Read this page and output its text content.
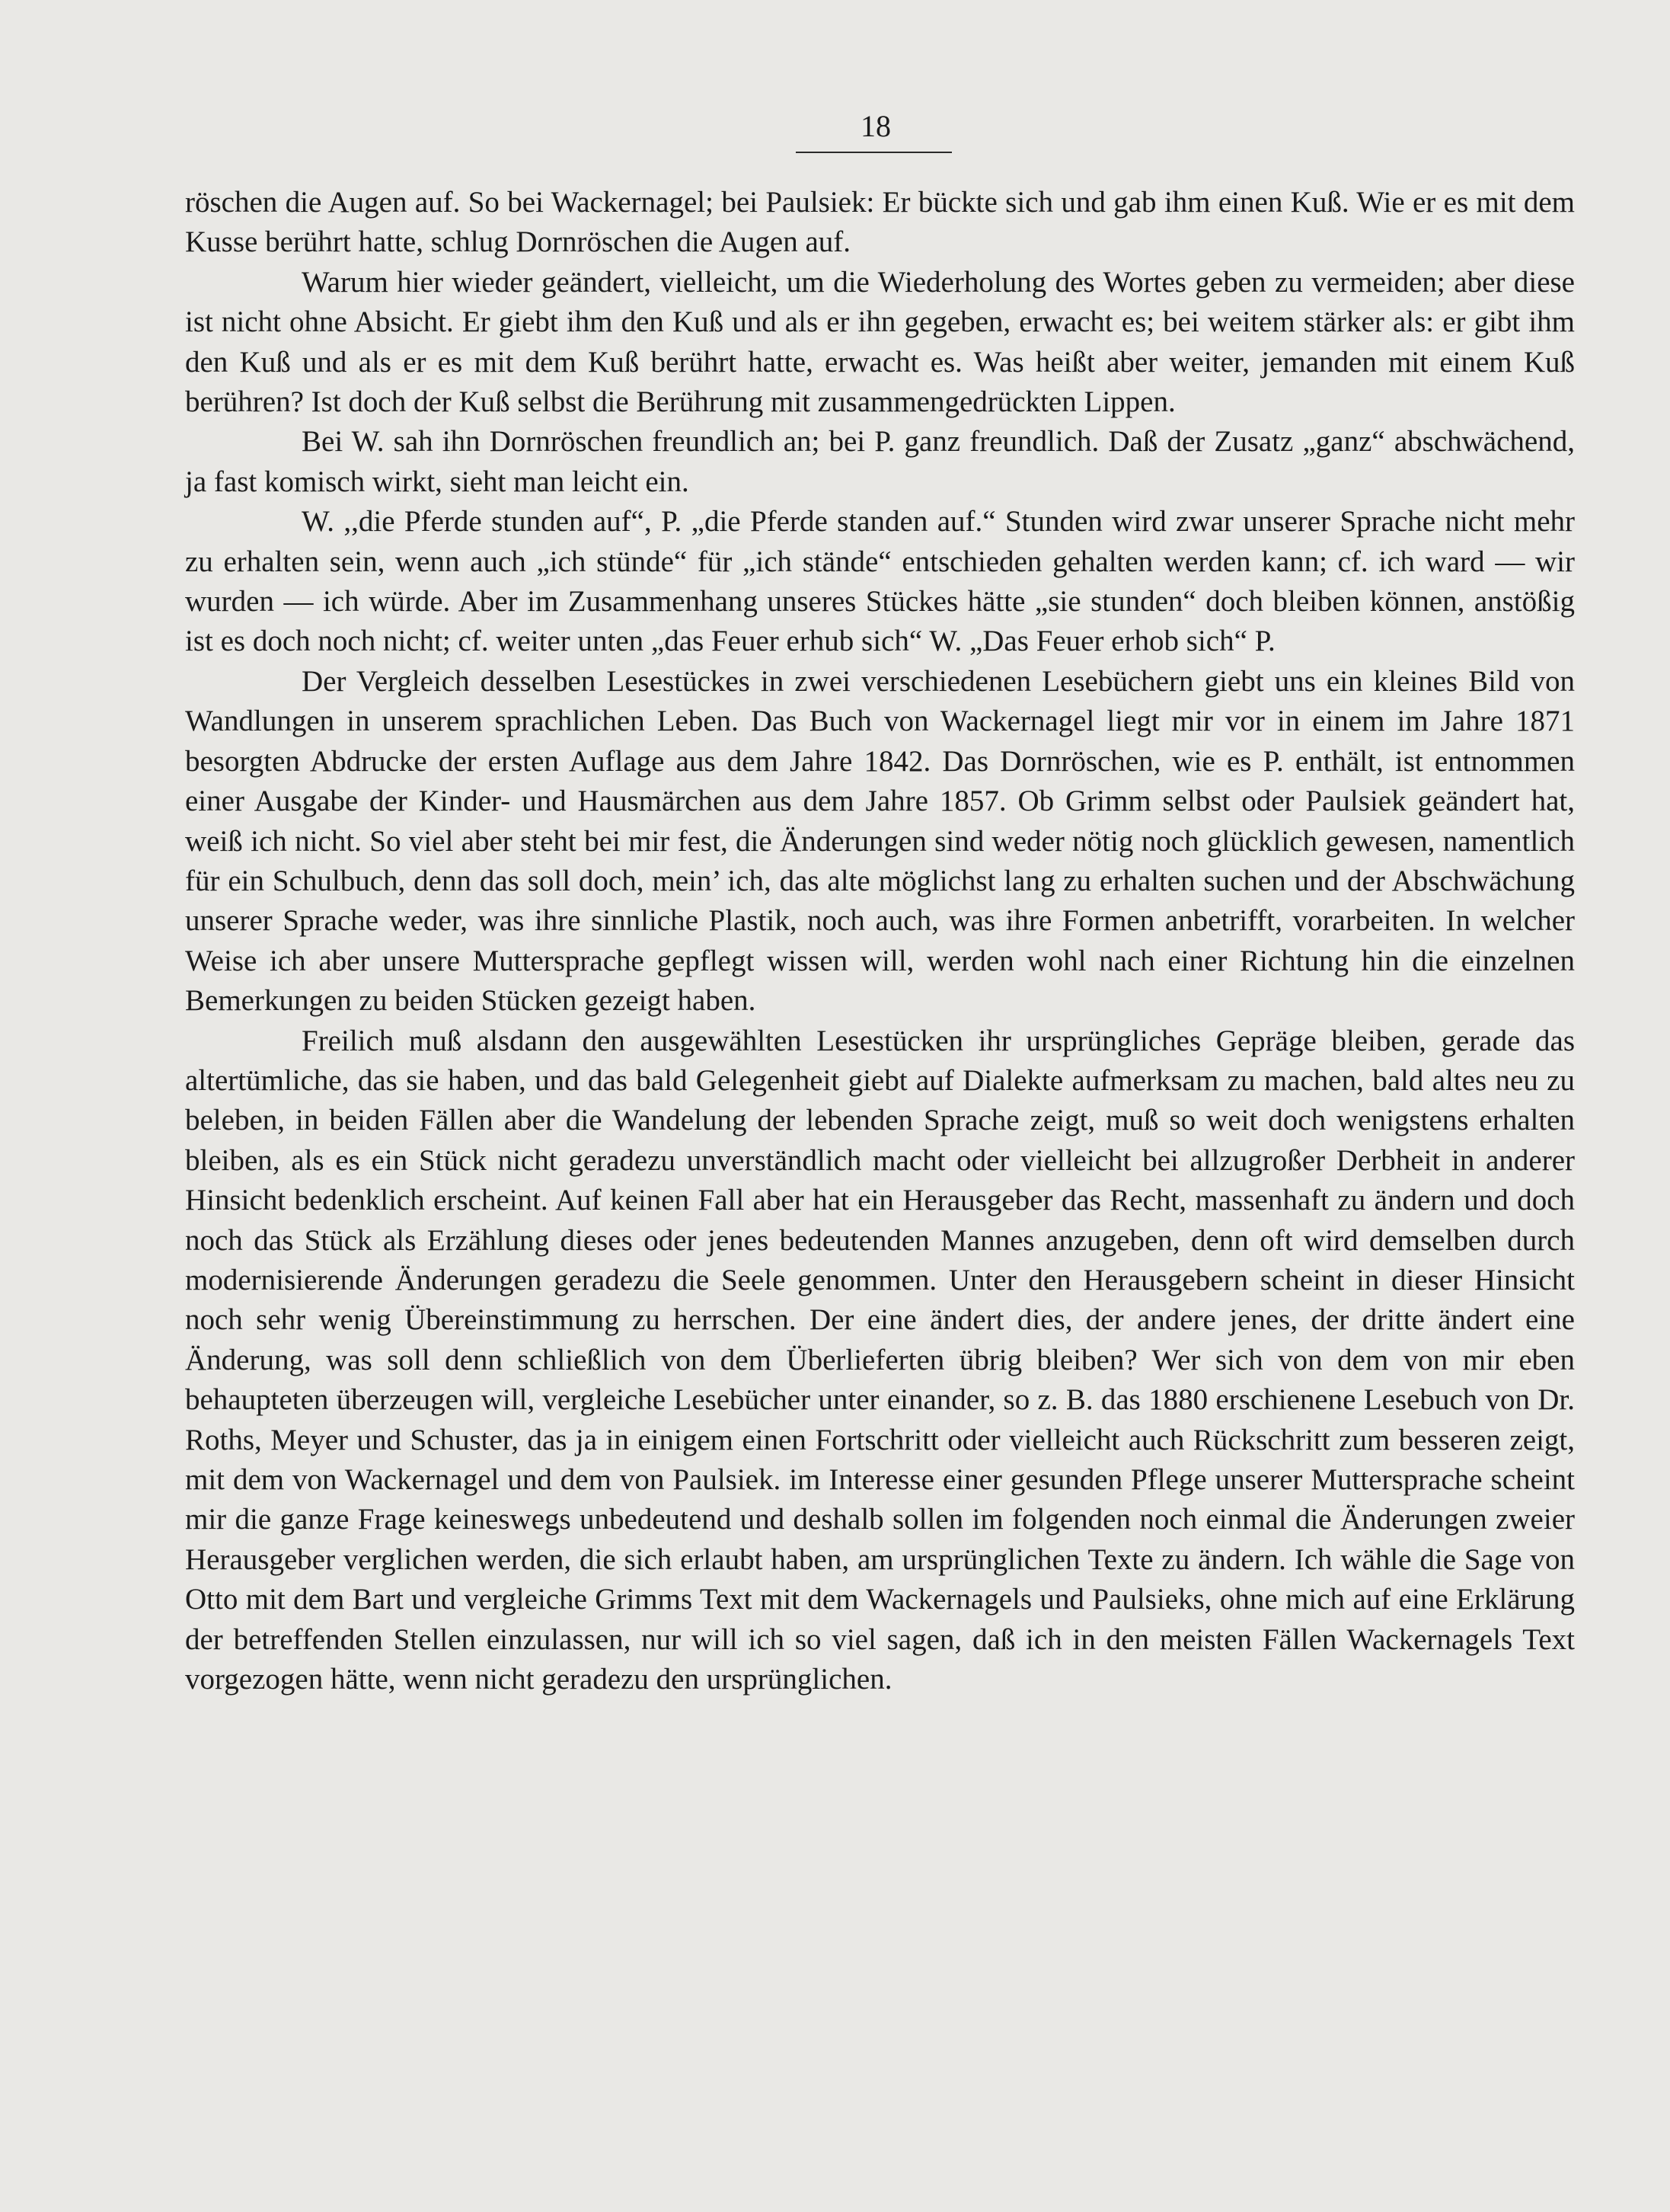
18

röschen die Augen auf. So bei Wackernagel; bei Paulsiek: Er bückte sich und gab ihm einen Kuß. Wie er es mit dem Kusse berührt hatte, schlug Dornröschen die Augen auf.

Warum hier wieder geändert, vielleicht, um die Wiederholung des Wortes geben zu vermeiden; aber diese ist nicht ohne Absicht. Er giebt ihm den Kuß und als er ihn gegeben, erwacht es; bei weitem stärker als: er gibt ihm den Kuß und als er es mit dem Kuß berührt hatte, erwacht es. Was heißt aber weiter, jemanden mit einem Kuß berühren? Ist doch der Kuß selbst die Berührung mit zusammengedrückten Lippen.

Bei W. sah ihn Dornröschen freundlich an; bei P. ganz freundlich. Daß der Zusatz „ganz“ abschwächend, ja fast komisch wirkt, sieht man leicht ein.

W. ,,die Pferde stunden auf“, P. „die Pferde standen auf.“ Stunden wird zwar unserer Sprache nicht mehr zu erhalten sein, wenn auch „ich stünde“ für „ich stände“ entschieden gehalten werden kann; cf. ich ward — wir wurden — ich würde. Aber im Zusammenhang unseres Stückes hätte „sie stunden“ doch bleiben können, anstößig ist es doch noch nicht; cf. weiter unten „das Feuer erhub sich“ W. „Das Feuer erhob sich“ P.

Der Vergleich desselben Lesestückes in zwei verschiedenen Lesebüchern giebt uns ein kleines Bild von Wandlungen in unserem sprachlichen Leben. Das Buch von Wackernagel liegt mir vor in einem im Jahre 1871 besorgten Abdrucke der ersten Auflage aus dem Jahre 1842. Das Dornröschen, wie es P. enthält, ist entnommen einer Ausgabe der Kinder- und Hausmärchen aus dem Jahre 1857. Ob Grimm selbst oder Paulsiek geändert hat, weiß ich nicht. So viel aber steht bei mir fest, die Änderungen sind weder nötig noch glücklich gewesen, namentlich für ein Schulbuch, denn das soll doch, mein’ ich, das alte möglichst lang zu erhalten suchen und der Abschwächung unserer Sprache weder, was ihre sinnliche Plastik, noch auch, was ihre Formen anbetrifft, vorarbeiten. In welcher Weise ich aber unsere Muttersprache gepflegt wissen will, werden wohl nach einer Richtung hin die einzelnen Bemerkungen zu beiden Stücken gezeigt haben.

Freilich muß alsdann den ausgewählten Lesestücken ihr ursprüngliches Gepräge bleiben, gerade das altertümliche, das sie haben, und das bald Gelegenheit giebt auf Dialekte aufmerksam zu machen, bald altes neu zu beleben, in beiden Fällen aber die Wandelung der lebenden Sprache zeigt, muß so weit doch wenigstens erhalten bleiben, als es ein Stück nicht geradezu unverständlich macht oder vielleicht bei allzugroßer Derbheit in anderer Hinsicht bedenklich erscheint. Auf keinen Fall aber hat ein Herausgeber das Recht, massenhaft zu ändern und doch noch das Stück als Erzählung dieses oder jenes bedeutenden Mannes anzugeben, denn oft wird demselben durch modernisierende Änderungen geradezu die Seele genommen. Unter den Herausgebern scheint in dieser Hinsicht noch sehr wenig Übereinstimmung zu herrschen. Der eine ändert dies, der andere jenes, der dritte ändert eine Änderung, was soll denn schließlich von dem Überlieferten übrig bleiben? Wer sich von dem von mir eben behaupteten überzeugen will, vergleiche Lesebücher unter einander, so z. B. das 1880 erschienene Lesebuch von Dr. Roths, Meyer und Schuster, das ja in einigem einen Fortschritt oder vielleicht auch Rückschritt zum besseren zeigt, mit dem von Wackernagel und dem von Paulsiek. im Interesse einer gesunden Pflege unserer Muttersprache scheint mir die ganze Frage keineswegs unbedeutend und deshalb sollen im folgenden noch einmal die Änderungen zweier Herausgeber verglichen werden, die sich erlaubt haben, am ursprünglichen Texte zu ändern. Ich wähle die Sage von Otto mit dem Bart und vergleiche Grimms Text mit dem Wackernagels und Paulsieks, ohne mich auf eine Erklärung der betreffenden Stellen einzulassen, nur will ich so viel sagen, daß ich in den meisten Fällen Wackernagels Text vorgezogen hätte, wenn nicht geradezu den ursprünglichen.
